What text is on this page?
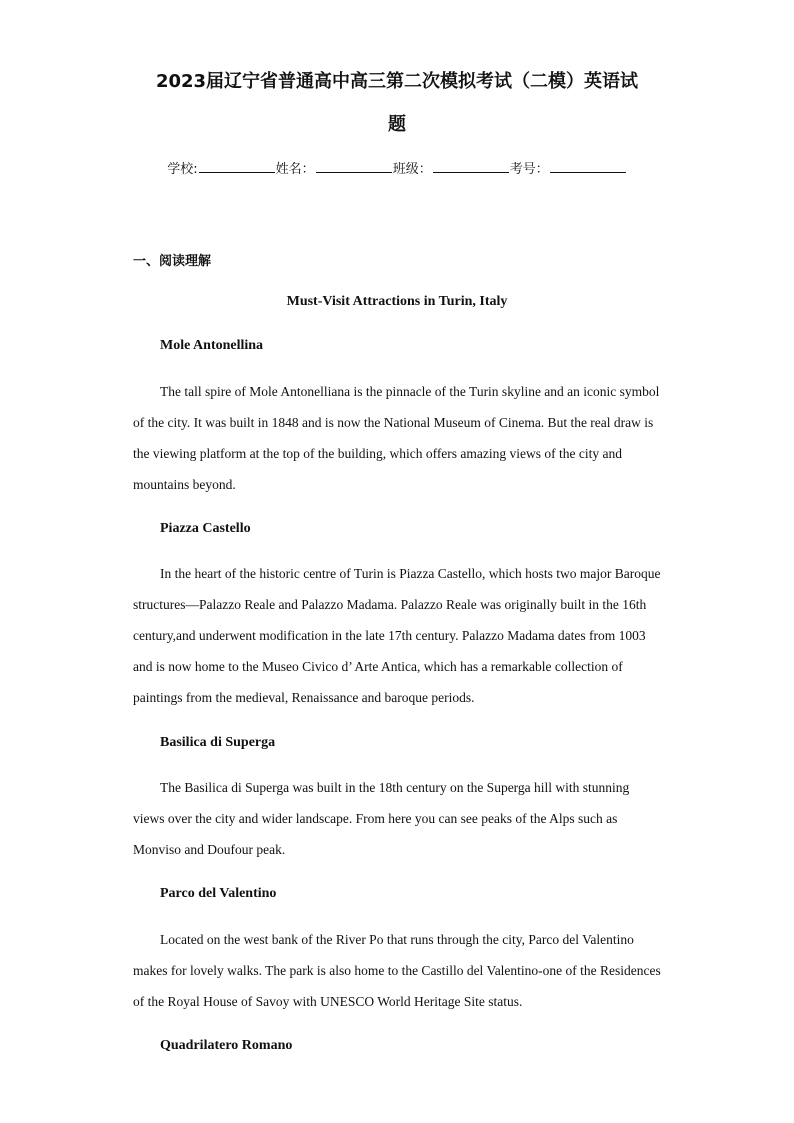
2023届辽宁省普通高中高三第二次模拟考试（二模）英语试
题
学校:	姓名：	班级：	考号：
一、阅读理解
Must-Visit Attractions in Turin, Italy
Mole Antonellina
The tall spire of Mole Antonelliana is the pinnacle of the Turin skyline and an iconic symbol of the city. It was built in 1848 and is now the National Museum of Cinema. But the real draw is the viewing platform at the top of the building, which offers amazing views of the city and mountains beyond.
Piazza Castello
In the heart of the historic centre of Turin is Piazza Castello, which hosts two major Baroque structures—Palazzo Reale and Palazzo Madama. Palazzo Reale was originally built in the 16th century,and underwent modification in the late 17th century. Palazzo Madama dates from 1003 and is now home to the Museo Civico d’ Arte Antica, which has a remarkable collection of paintings from the medieval, Renaissance and baroque periods.
Basilica di Superga
The Basilica di Superga was built in the 18th century on the Superga hill with stunning views over the city and wider landscape. From here you can see peaks of the Alps such as Monviso and Doufour peak.
Parco del Valentino
Located on the west bank of the River Po that runs through the city, Parco del Valentino makes for lovely walks. The park is also home to the Castillo del Valentino-one of the Residences of the Royal House of Savoy with UNESCO World Heritage Site status.
Quadrilatero Romano
